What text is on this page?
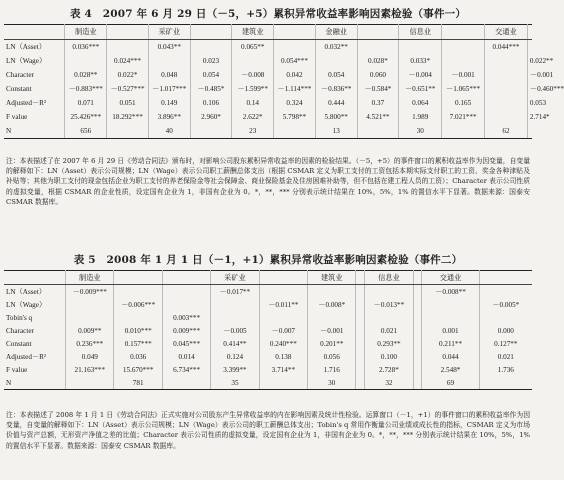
表 4　2007 年 6 月 29 日（－5，+5）累积异常收益率影响因素检验（事件一）
	制造业		采矿业		建筑业		金融业		信息业		交通业	
LN（Asset）	0.036***		0.043**		0.065**		0.032**				0.044***	
LN（Wage）		0.024***		0.023		0.054***		0.028*	0.033*			0.022**
Character	0.028**	0.022*	0.048	0.054	－0.008	0.042	0.054	0.060	－0.004	－0.001		－0.001
Constant	－0.883***	－0.527***	－1.017***	－0.485*	－1.599**	－1.114***	－0.836**	－0.584*	－0.651**	－1.065***		－0.460***
Adjusted－R²	0.071	0.051	0.149	0.106	0.14	0.324	0.444	0.37	0.064	0.165		0.053
F value	25.426***	18.292***	3.896**	2.960*	2.622*	5.798**	5.800**	4.521**	1.989	7.021***		2.714*
N	656		40		23		13		30		62	
注：本表描述了在 2007 年 6 月 29 日《劳动合同法》颁布时，对影响公司股东累积异常收益率的因素的检验结果。（－5，+5）的事件窗口的累积收益率作为因变量，自变量的解释如下：LN（Asset）表示公司规模；LN（Wage）表示公司职工薪酬总体支出（根据 CSMAR 定义为职工支付的工资包括本期实际支付职工的工资、奖金各种津贴及补贴等；其他为职工支付的现金包括企业为职工支付的养老保险金等社会保障金、商业保险基金及住房困难补助等，但不包括在建工程人员的工资）；Character 表示公司性质的虚拟变量，根据 CSMAR 的企业性质，设定国有企业为 1，非国有企业为 0。*，**，*** 分别表示统计结果在 10%，5%，1% 的置信水平下显著。数据来源：国泰安 CSMAR 数据库。
表 5　2008 年 1 月 1 日（－1，+1）累积异常收益率影响因素检验（事件二）
	制造业			采矿业		建筑业		信息业		交通业	
LN（Asset）	－0.009***			－0.017**						－0.008**	
LN（Wage）		－0.006***			－0.011**	－0.008*		－0.013**			－0.005*
Tobin's q			0.003***								
Character	0.009**	0.010***	0.009***	－0.005	－0.007	－0.001		0.021		0.001	0.000
Constant	0.236***	0.157***	0.045***	0.414**	0.240***	0.201**		0.293**		0.211**	0.127**
Adjusted－R²	0.049	0.036	0.014	0.124	0.138	0.056		0.100		0.044	0.021
F value	21.163***	15.670***	6.734***	3.399**	3.714**	1.716		2.728*		2.548*	1.736
N		781		35		30		32		69	
注：本表描述了 2008 年 1 月 1 日《劳动合同法》正式实施对公司股东产生异常收益率的内在影响因素及统计性检验。运算窗口（－1，+1）的事件窗口的累积收益率作为因变量，自变量的解释如下：LN（Asset）表示公司规模；LN（Wage）表示公司的职工薪酬总体支出；Tobin's q 常用作衡量公司业绩或成长性的指标，CSMAR 定义为市场价值与资产总额，无形资产净值之差的比值；Character 表示公司性质的虚拟变量，设定国有企业为 1，非国有企业为 0。*，**，*** 分别表示统计结果在 10%，5%，1% 的置信水平下显著。数据来源：国泰安 CSMAR 数据库。
